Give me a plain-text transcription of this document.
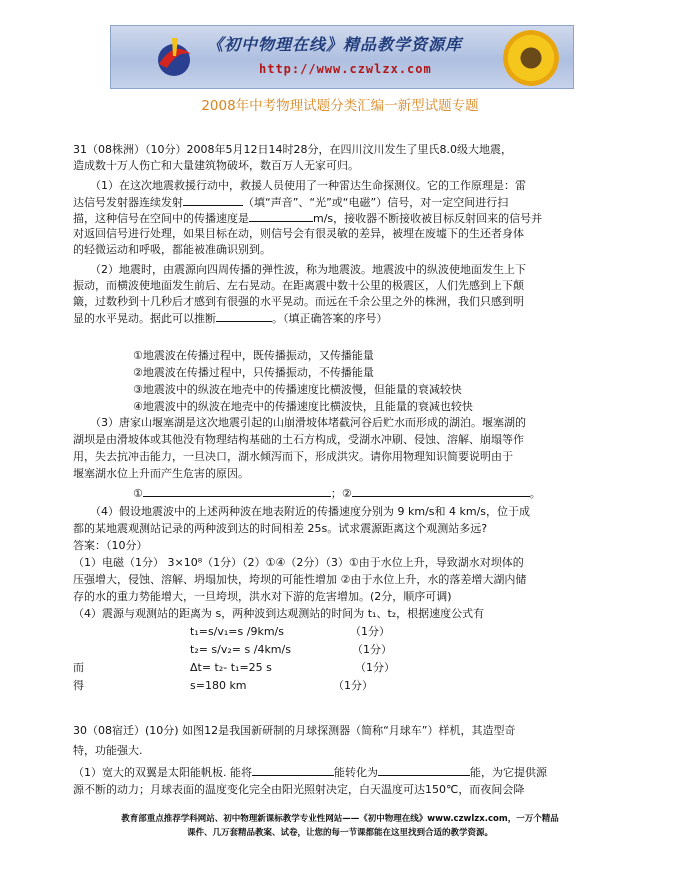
《初中物理在线》精品教学资源库
http://www.czwlzx.com
2008年中考物理试题分类汇编一新型试题专题
31（08株洲）（10分）2008年5月12日14时28分，在四川汶川发生了里氏8.0级大地震，
造成数十万人伤亡和大量建筑物破坏，数百万人无家可归。
（1）在这次地震救援行动中，救援人员使用了一种雷达生命探测仪。它的工作原理是：雷
达信号发射器连续发射	（填“声音”、“光”或“电磁”）信号，对一定空间进行扫
描，这种信号在空间中的传播速度是	m/s，接收器不断接收被目标反射回来的信号并
对返回信号进行处理，如果目标在动，则信号会有很灵敏的差异，被埋在废墟下的生还者身体
的轻微运动和呼吸，都能被准确识别到。
（2）地震时，由震源向四周传播的弹性波，称为地震波。地震波中的纵波使地面发生上下
振动，而横波使地面发生前后、左右晃动。在距离震中数十公里的极震区，人们先感到上下颠
簸，过数秒到十几秒后才感到有很强的水平晃动。而远在千余公里之外的株洲，我们只感到明
显的水平晃动。据此可以推断	。（填正确答案的序号）
①地震波在传播过程中，既传播振动，又传播能量
②地震波在传播过程中，只传播振动，不传播能量
③地震波中的纵波在地壳中的传播速度比横波慢，但能量的衰减较快
④地震波中的纵波在地壳中的传播速度比横波快，且能量的衰减也较快
（3）唐家山堰塞湖是这次地震引起的山崩滑坡体堵截河谷后贮水而形成的湖泊。堰塞湖的
湖坝是由滑坡体或其他没有物理结构基础的土石方构成，受湖水冲刷、侵蚀、溶解、崩塌等作
用，失去抗冲击能力，一旦决口，湖水倾泻而下，形成洪灾。请你用物理知识简要说明由于
堰塞湖水位上升而产生危害的原因。
①	；②	。
（4）假设地震波中的上述两种波在地表附近的传播速度分别为 9 km/s和 4 km/s，位于成
都的某地震观测站记录的两种波到达的时间相差 25s。试求震源距离这个观测站多远?
答案：（10分）
（1）电磁（1分） 3×10⁸（1分）（2）①④（2分）（3）①由于水位上升，导致湖水对坝体的
压强增大，侵蚀、溶解、坍塌加快，垮坝的可能性增加 ②由于水位上升，水的落差增大湖内储
存的水的重力势能增大，一旦垮坝，洪水对下游的危害增加。(2分，顺序可调)
（4）震源与观测站的距离为 s，两种波到达观测站的时间为 t₁、t₂，根据速度公式有
t₁=s/v₁=s /9km/s	（1分）
t₂= s/v₂= s /4km/s	（1分）
而	Δt= t₂- t₁=25 s	（1分）
得	s=180 km	（1分）
30（08宿迁）(10分) 如图12是我国新研制的月球探测器（简称“月球车”）样机，其造型奇
特，功能强大.
（1）宽大的双翼是太阳能帆板. 能将	能转化为	能，为它提供源
源不断的动力；月球表面的温度变化完全由阳光照射决定，白天温度可达150℃，而夜间会降
教育部重点推荐学科网站、初中物理新课标教学专业性网站——《初中物理在线》www.czwlzx.com，一万个精品
课件、几万套精品教案、试卷，让您的每一节课都能在这里找到合适的教学资源。
